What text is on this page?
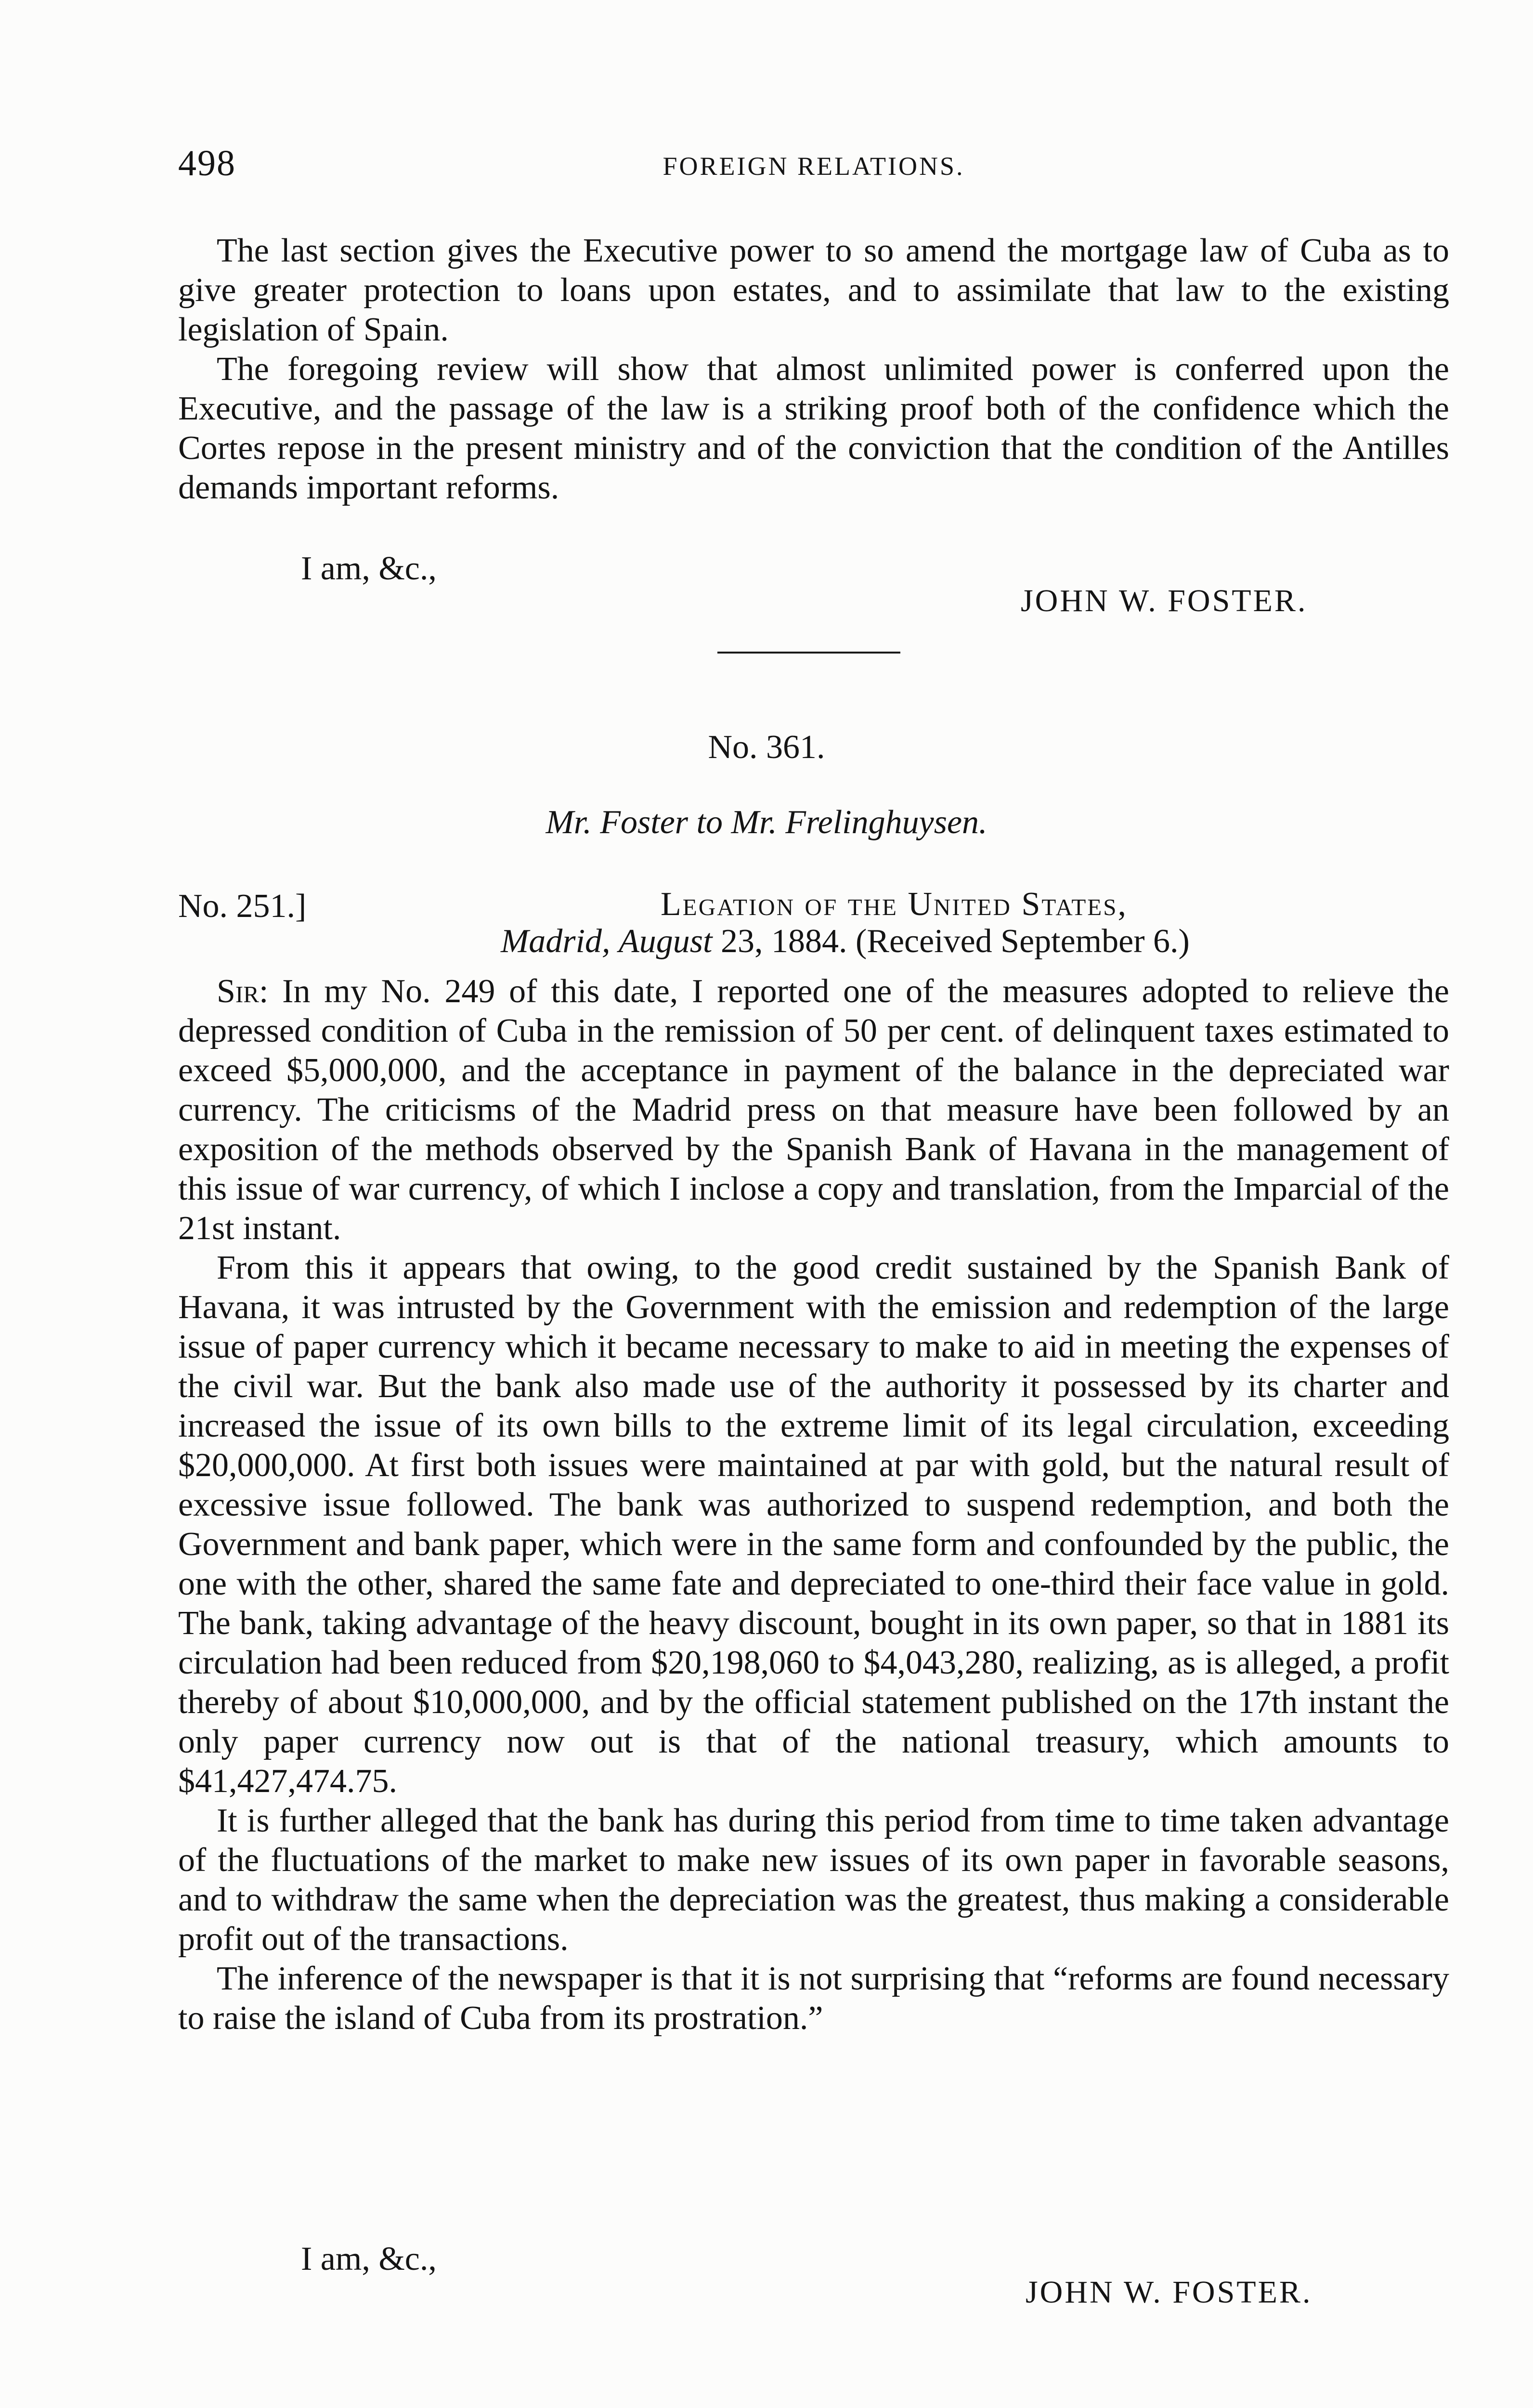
498	FOREIGN RELATIONS.

The last section gives the Executive power to so amend the mortgage law of Cuba as to give greater protection to loans upon estates, and to assimilate that law to the existing legislation of Spain.

The foregoing review will show that almost unlimited power is conferred upon the Executive, and the passage of the law is a striking proof both of the confidence which the Cortes repose in the present ministry and of the conviction that the condition of the Antilles demands important reforms.

I am, &c.,
JOHN W. FOSTER.
No. 361.
Mr. Foster to Mr. Frelinghuysen.
No. 251.]	Legation of the United States,
Madrid, August 23, 1884. (Received September 6.)

Sir: In my No. 249 of this date, I reported one of the measures adopted to relieve the depressed condition of Cuba in the remission of 50 per cent. of delinquent taxes estimated to exceed $5,000,000, and the acceptance in payment of the balance in the depreciated war currency. The criticisms of the Madrid press on that measure have been followed by an exposition of the methods observed by the Spanish Bank of Havana in the management of this issue of war currency, of which I inclose a copy and translation, from the Imparcial of the 21st instant.

From this it appears that owing, to the good credit sustained by the Spanish Bank of Havana, it was intrusted by the Government with the emission and redemption of the large issue of paper currency which it became necessary to make to aid in meeting the expenses of the civil war. But the bank also made use of the authority it possessed by its charter and increased the issue of its own bills to the extreme limit of its legal circulation, exceeding $20,000,000. At first both issues were maintained at par with gold, but the natural result of excessive issue followed. The bank was authorized to suspend redemption, and both the Government and bank paper, which were in the same form and confounded by the public, the one with the other, shared the same fate and depreciated to one-third their face value in gold. The bank, taking advantage of the heavy discount, bought in its own paper, so that in 1881 its circulation had been reduced from $20,198,060 to $4,043,280, realizing, as is alleged, a profit thereby of about $10,000,000, and by the official statement published on the 17th instant the only paper currency now out is that of the national treasury, which amounts to $41,427,474.75.

It is further alleged that the bank has during this period from time to time taken advantage of the fluctuations of the market to make new issues of its own paper in favorable seasons, and to withdraw the same when the depreciation was the greatest, thus making a considerable profit out of the transactions.

The inference of the newspaper is that it is not surprising that “reforms are found necessary to raise the island of Cuba from its prostration.”

I am, &c.,
JOHN W. FOSTER.
